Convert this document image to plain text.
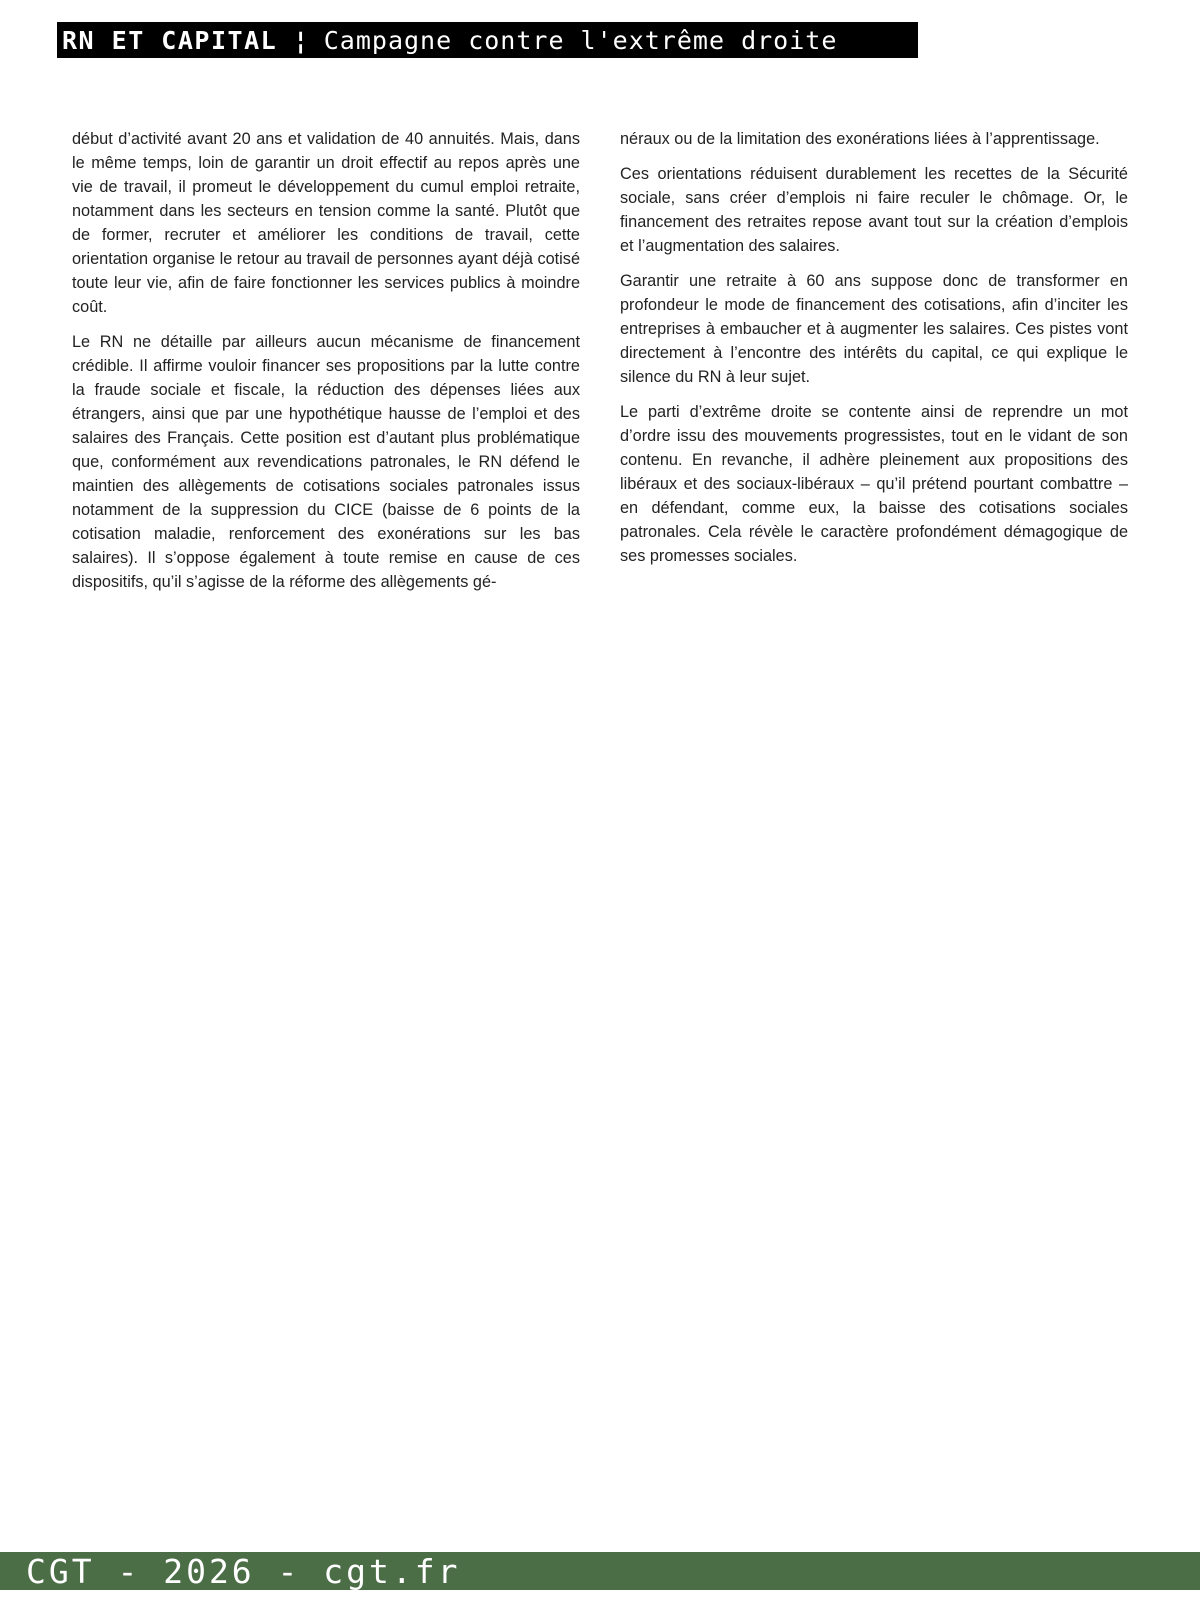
RN ET CAPITAL ¦ Campagne contre l'extrême droite

début d’activité avant 20 ans et validation de 40 annuités. Mais, dans le même temps, loin de garantir un droit effectif au repos après une vie de travail, il promeut le développement du cumul emploi retraite, notamment dans les secteurs en tension comme la santé. Plutôt que de former, recruter et améliorer les conditions de travail, cette orientation organise le retour au travail de personnes ayant déjà cotisé toute leur vie, afin de faire fonctionner les services publics à moindre coût.

Le RN ne détaille par ailleurs aucun mécanisme de financement crédible. Il affirme vouloir financer ses propositions par la lutte contre la fraude sociale et fiscale, la réduction des dépenses liées aux étrangers, ainsi que par une hypothétique hausse de l’emploi et des salaires des Français. Cette position est d’autant plus problématique que, conformément aux revendications patronales, le RN défend le maintien des allègements de cotisations sociales patronales issus notamment de la suppression du CICE (baisse de 6 points de la cotisation maladie, renforcement des exonérations sur les bas salaires). Il s’oppose également à toute remise en cause de ces dispositifs, qu’il s’agisse de la réforme des allègements gé-

néraux ou de la limitation des exonérations liées à l’apprentissage.

Ces orientations réduisent durablement les recettes de la Sécurité sociale, sans créer d’emplois ni faire reculer le chômage. Or, le financement des retraites repose avant tout sur la création d’emplois et l’augmentation des salaires.

Garantir une retraite à 60 ans suppose donc de transformer en profondeur le mode de financement des cotisations, afin d’inciter les entreprises à embaucher et à augmenter les salaires. Ces pistes vont directement à l’encontre des intérêts du capital, ce qui explique le silence du RN à leur sujet.

Le parti d’extrême droite se contente ainsi de reprendre un mot d’ordre issu des mouvements progressistes, tout en le vidant de son contenu. En revanche, il adhère pleinement aux propositions des libéraux et des sociaux-libéraux – qu’il prétend pourtant combattre – en défendant, comme eux, la baisse des cotisations sociales patronales. Cela révèle le caractère profondément démagogique de ses promesses sociales.

CGT - 2026 - cgt.fr
